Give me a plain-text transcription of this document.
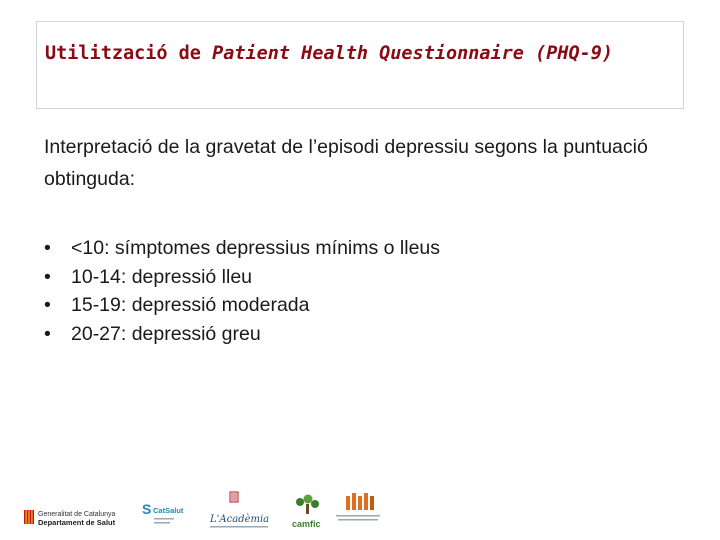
Utilització de Patient Health Questionnaire (PHQ-9)

Interpretació de la gravetat de l’episodi depressiu segons la puntuació obtinguda:

•	<10: símptomes depressius mínims o lleus
•	10-14: depressió lleu
•	15-19: depressió moderada
•	20-27: depressió greu
Generalitat de Catalunya
Departament de Salut
S CatSalut
L'Acadèmia	camfic
